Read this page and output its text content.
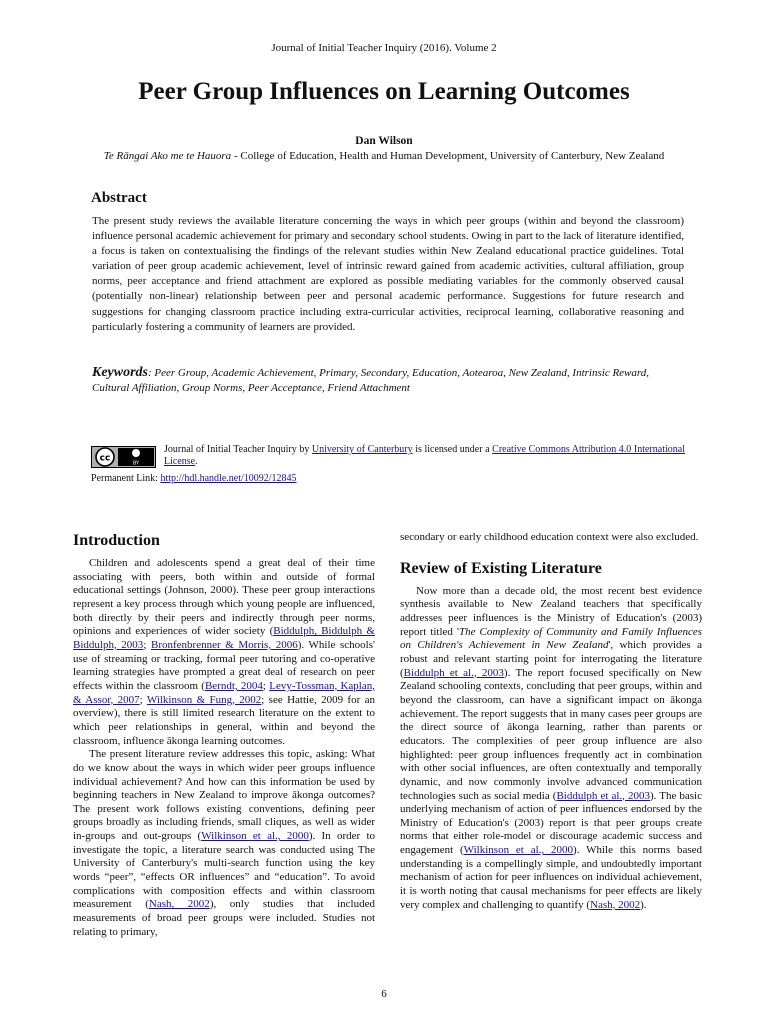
Journal of Initial Teacher Inquiry (2016). Volume 2
Peer Group Influences on Learning Outcomes
Dan Wilson
Te Rāngai Ako me te Hauora - College of Education, Health and Human Development, University of Canterbury, New Zealand
Abstract
The present study reviews the available literature concerning the ways in which peer groups (within and beyond the classroom) influence personal academic achievement for primary and secondary school students. Owing in part to the lack of literature identified, a focus is taken on contextualising the findings of the relevant studies within New Zealand educational practice guidelines. Total variation of peer group academic achievement, level of intrinsic reward gained from academic activities, cultural affiliation, group norms, peer acceptance and friend attachment are explored as possible mediating variables for the commonly observed causal (potentially non-linear) relationship between peer and personal academic performance. Suggestions for future research and suggestions for changing classroom practice including extra-curricular activities, reciprocal learning, collaborative reasoning and particularly fostering a community of learners are provided.
Keywords: Peer Group, Academic Achievement, Primary, Secondary, Education, Aotearoa, New Zealand, Intrinsic Reward, Cultural Affiliation, Group Norms, Peer Acceptance, Friend Attachment
cc	BY
Journal of Initial Teacher Inquiry by University of Canterbury is licensed under a Creative Commons Attribution 4.0 International License.
Permanent Link: http://hdl.handle.net/10092/12845
Introduction

Children and adolescents spend a great deal of their time associating with peers, both within and outside of formal educational settings (Johnson, 2000). These peer group interactions represent a key process through which young people are influenced, both directly by their peers and indirectly through peer norms, opinions and experiences of wider society (Biddulph, Biddulph & Biddulph, 2003; Bronfenbrenner & Morris, 2006). While schools' use of streaming or tracking, formal peer tutoring and co-operative learning strategies have prompted a great deal of research on peer effects within the classroom (Berndt, 2004; Levy-Tossman, Kaplan, & Assor, 2007; Wilkinson & Fung, 2002; see Hattie, 2009 for an overview), there is still limited research literature on the extent to which peer relationships in general, within and beyond the classroom, influence ākonga learning outcomes.

The present literature review addresses this topic, asking: What do we know about the ways in which wider peer groups influence individual achievement? And how can this information be used by beginning teachers in New Zealand to improve ākonga outcomes? The present work follows existing conventions, defining peer groups broadly as including friends, small cliques, as well as wider in-groups and out-groups (Wilkinson et al., 2000). In order to investigate the topic, a literature search was conducted using The University of Canterbury's multi-search function using the key words “peer”, “effects OR influences” and “education”. To avoid complications with composition effects and within classroom measurement (Nash, 2002), only studies that included measurements of broad peer groups were included. Studies not relating to primary,

secondary or early childhood education context were also excluded.

Review of Existing Literature

Now more than a decade old, the most recent best evidence synthesis available to New Zealand teachers that specifically addresses peer influences is the Ministry of Education's (2003) report titled 'The Complexity of Community and Family Influences on Children's Achievement in New Zealand', which provides a robust and relevant starting point for interrogating the literature (Biddulph et al., 2003). The report focused specifically on New Zealand schooling contexts, concluding that peer groups, within and beyond the classroom, can have a significant impact on ākonga achievement. The report suggests that in many cases peer groups are the direct source of ākonga learning, rather than parents or educators. The complexities of peer group influence are also highlighted: peer group influences frequently act in combination with other social influences, are often contextually and temporally dynamic, and now commonly involve advanced communication technologies such as social media (Biddulph et al., 2003). The basic underlying mechanism of action of peer influences endorsed by the Ministry of Education's (2003) report is that peer groups create norms that either role-model or discourage academic success and engagement (Wilkinson et al., 2000). While this norms based understanding is a compellingly simple, and undoubtedly important mechanism of action for peer influences on individual achievement, it is worth noting that causal mechanisms for peer effects are likely very complex and challenging to quantify (Nash, 2002).

6
